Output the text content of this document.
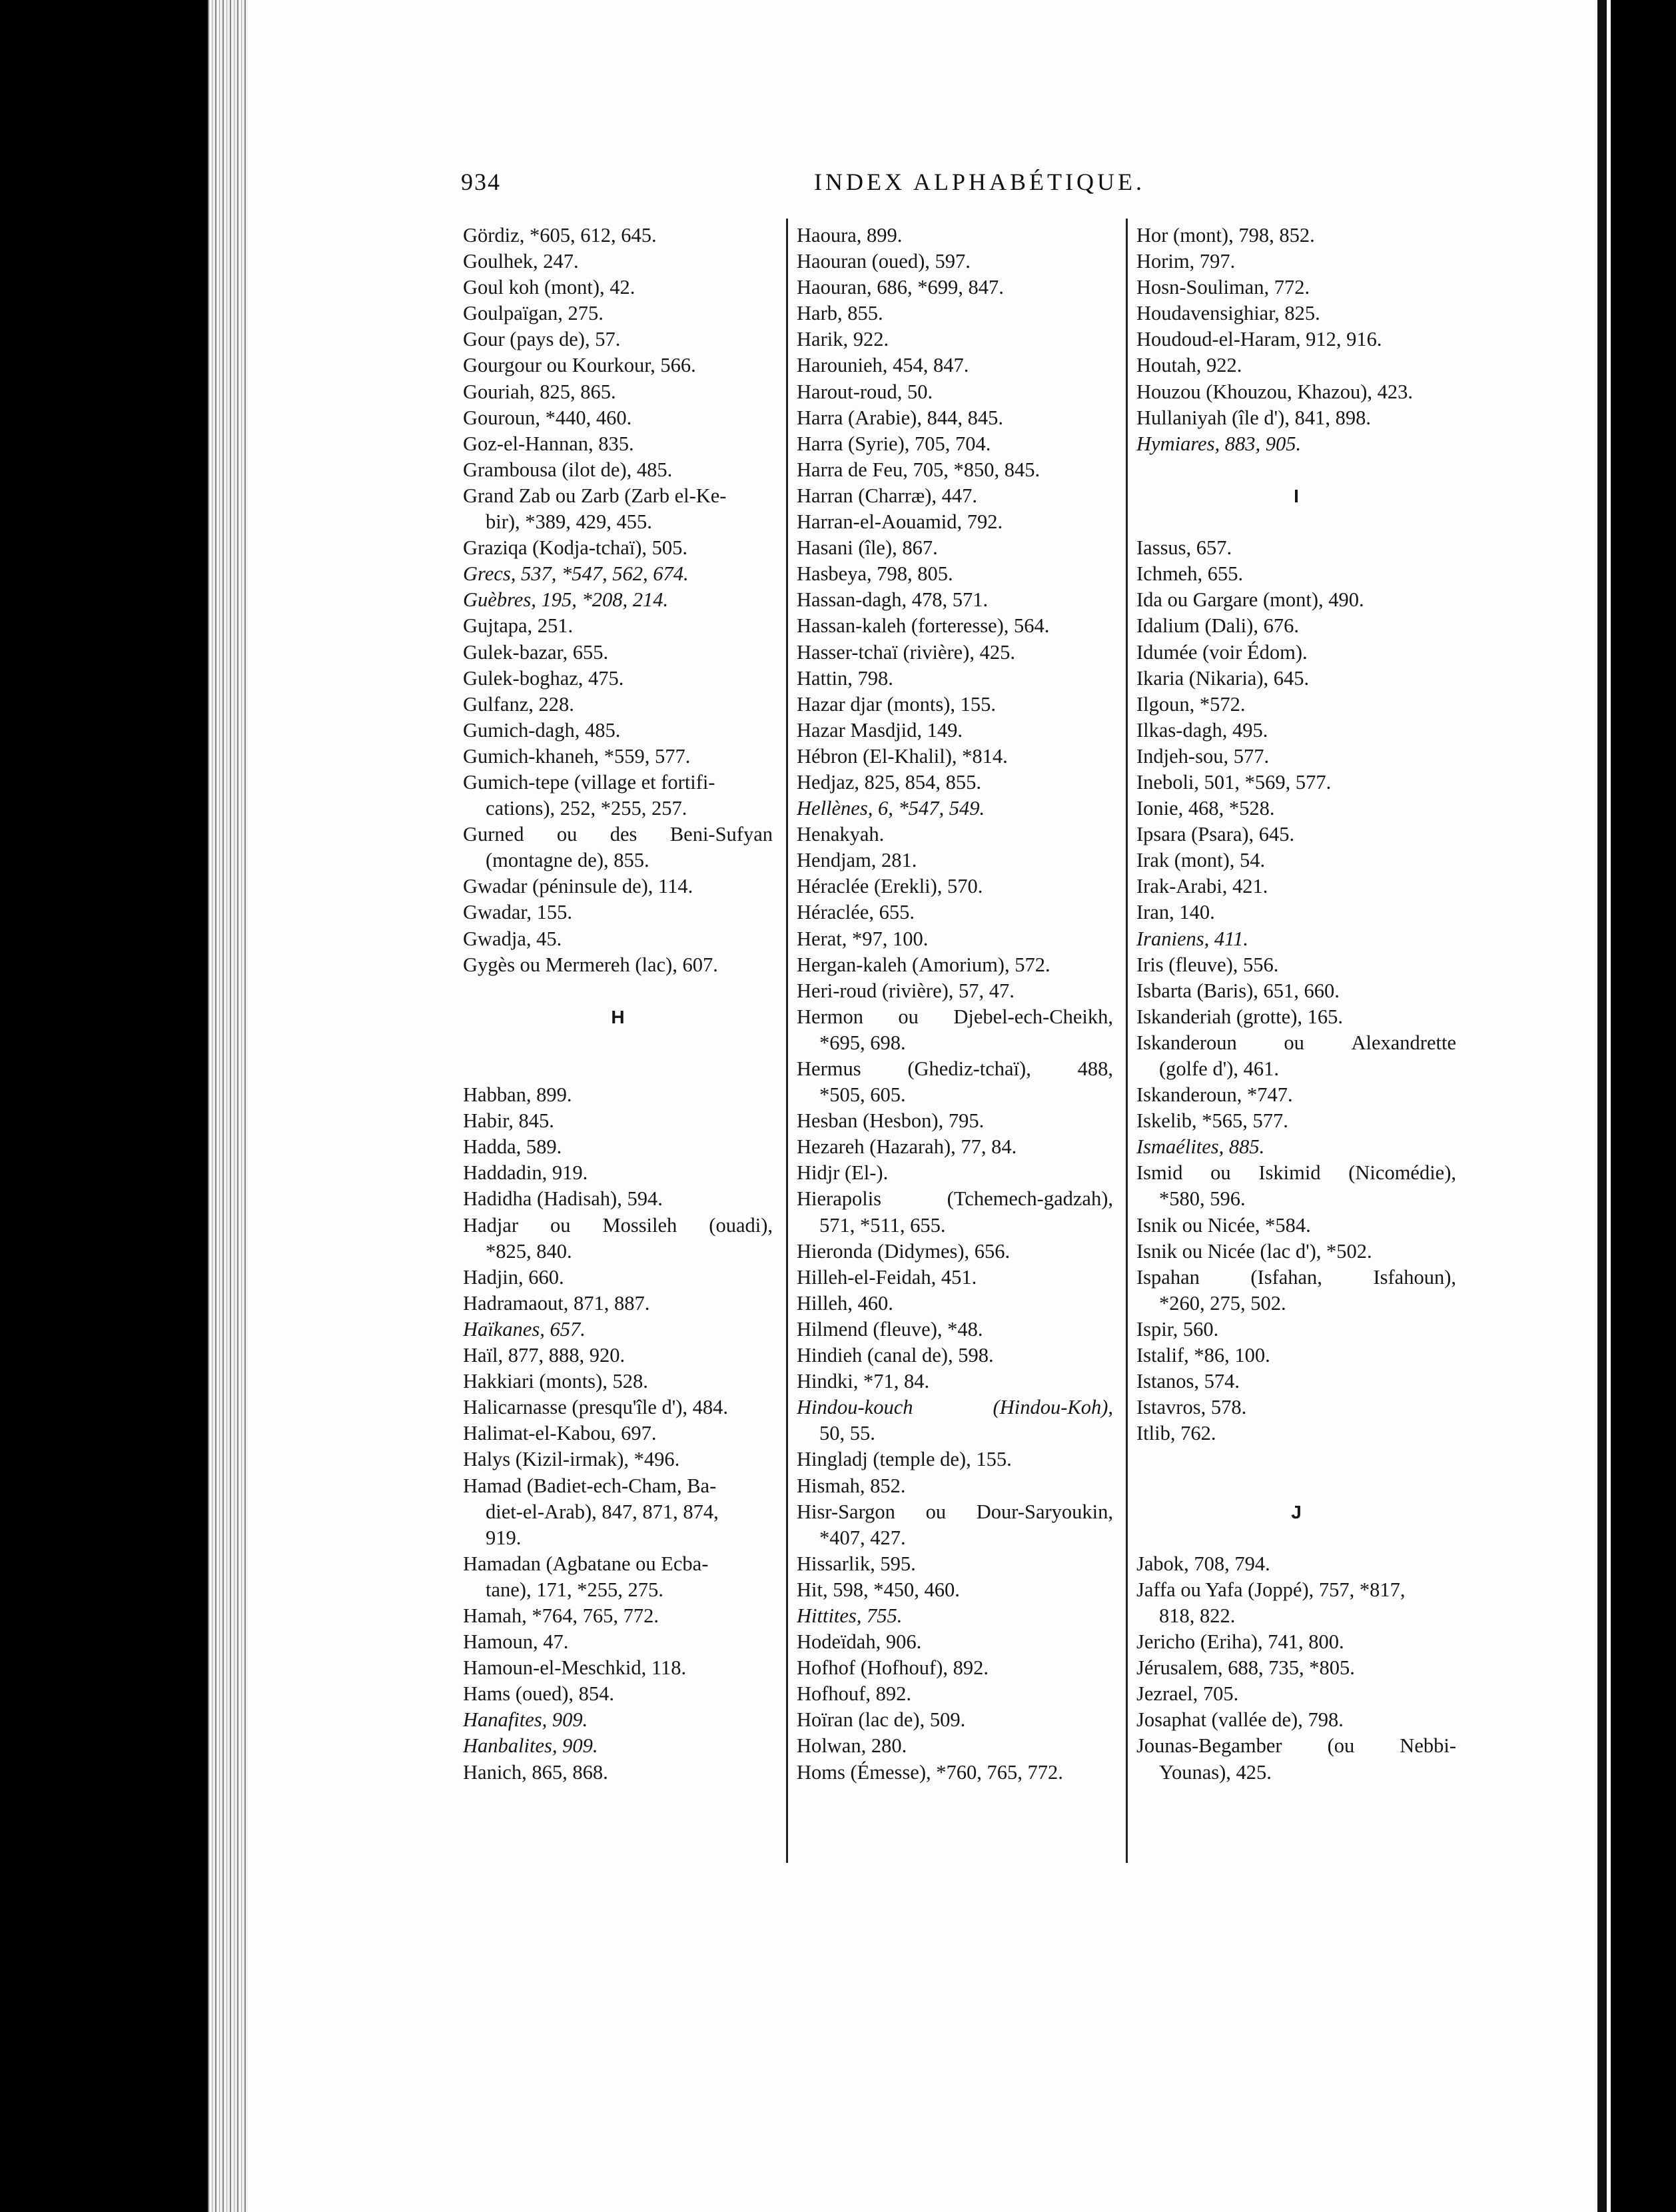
934	INDEX ALPHABÉTIQUE.
Gördiz, *605, 612, 645.
Goulhek, 247.
Goul koh (mont), 42.
Goulpaïgan, 275.
Gour (pays de), 57.
Gourgour ou Kourkour, 566.
Gouriah, 825, 865.
Gouroun, *440, 460.
Goz-el-Hannan, 835.
Grambousa (ilot de), 485.
Grand Zab ou Zarb (Zarb el-Ke-
bir), *389, 429, 455.
Graziqa (Kodja-tchaï), 505.
Grecs, 537, *547, 562, 674.
Guèbres, 195, *208, 214.
Gujtapa, 251.
Gulek-bazar, 655.
Gulek-boghaz, 475.
Gulfanz, 228.
Gumich-dagh, 485.
Gumich-khaneh, *559, 577.
Gumich-tepe (village et fortifi-
cations), 252, *255, 257.
Gurned ou des Beni-Sufyan
(montagne de), 855.
Gwadar (péninsule de), 114.
Gwadar, 155.
Gwadja, 45.
Gygès ou Mermereh (lac), 607.
H
Habban, 899.
Habir, 845.
Hadda, 589.
Haddadin, 919.
Hadidha (Hadisah), 594.
Hadjar ou Mossileh (ouadi),
*825, 840.
Hadjin, 660.
Hadramaout, 871, 887.
Haïkanes, 657.
Haïl, 877, 888, 920.
Hakkiari (monts), 528.
Halicarnasse (presqu'île d'), 484.
Halimat-el-Kabou, 697.
Halys (Kizil-irmak), *496.
Hamad (Badiet-ech-Cham, Ba-
diet-el-Arab), 847, 871, 874,
919.
Hamadan (Agbatane ou Ecba-
tane), 171, *255, 275.
Hamah, *764, 765, 772.
Hamoun, 47.
Hamoun-el-Meschkid, 118.
Hams (oued), 854.
Hanafites, 909.
Hanbalites, 909.
Hanich, 865, 868.
Haoura, 899.
Haouran (oued), 597.
Haouran, 686, *699, 847.
Harb, 855.
Harik, 922.
Harounieh, 454, 847.
Harout-roud, 50.
Harra (Arabie), 844, 845.
Harra (Syrie), 705, 704.
Harra de Feu, 705, *850, 845.
Harran (Charræ), 447.
Harran-el-Aouamid, 792.
Hasani (île), 867.
Hasbeya, 798, 805.
Hassan-dagh, 478, 571.
Hassan-kaleh (forteresse), 564.
Hasser-tchaï (rivière), 425.
Hattin, 798.
Hazar djar (monts), 155.
Hazar Masdjid, 149.
Hébron (El-Khalil), *814.
Hedjaz, 825, 854, 855.
Hellènes, 6, *547, 549.
Henakyah.
Hendjam, 281.
Héraclée (Erekli), 570.
Héraclée, 655.
Herat, *97, 100.
Hergan-kaleh (Amorium), 572.
Heri-roud (rivière), 57, 47.
Hermon ou Djebel-ech-Cheikh,
*695, 698.
Hermus (Ghediz-tchaï), 488,
*505, 605.
Hesban (Hesbon), 795.
Hezareh (Hazarah), 77, 84.
Hidjr (El-).
Hierapolis	(Tchemech-gadzah),
571, *511, 655.
Hieronda (Didymes), 656.
Hilleh-el-Feidah, 451.
Hilleh, 460.
Hilmend (fleuve), *48.
Hindieh (canal de), 598.
Hindki, *71, 84.
Hindou-kouch	(Hindou-Koh),
50, 55.
Hingladj (temple de), 155.
Hismah, 852.
Hisr-Sargon ou Dour-Saryoukin,
*407, 427.
Hissarlik, 595.
Hit, 598, *450, 460.
Hittites, 755.
Hodeïdah, 906.
Hofhof (Hofhouf), 892.
Hofhouf, 892.
Hoïran (lac de), 509.
Holwan, 280.
Homs (Émesse), *760, 765, 772.
Hor (mont), 798, 852.
Horim, 797.
Hosn-Souliman, 772.
Houdavensighiar, 825.
Houdoud-el-Haram, 912, 916.
Houtah, 922.
Houzou (Khouzou, Khazou), 423.
Hullaniyah (île d'), 841, 898.
Hymiares, 883, 905.
I
Iassus, 657.
Ichmeh, 655.
Ida ou Gargare (mont), 490.
Idalium (Dali), 676.
Idumée (voir Édom).
Ikaria (Nikaria), 645.
Ilgoun, *572.
Ilkas-dagh, 495.
Indjeh-sou, 577.
Ineboli, 501, *569, 577.
Ionie, 468, *528.
Ipsara (Psara), 645.
Irak (mont), 54.
Irak-Arabi, 421.
Iran, 140.
Iraniens, 411.
Iris (fleuve), 556.
Isbarta (Baris), 651, 660.
Iskanderiah (grotte), 165.
Iskanderoun ou Alexandrette
(golfe d'), 461.
Iskanderoun, *747.
Iskelib, *565, 577.
Ismaélites, 885.
Ismid ou Iskimid (Nicomédie),
*580, 596.
Isnik ou Nicée, *584.
Isnik ou Nicée (lac d'), *502.
Ispahan	(Isfahan,	Isfahoun),
*260, 275, 502.
Ispir, 560.
Istalif, *86, 100.
Istanos, 574.
Istavros, 578.
Itlib, 762.
J
Jabok, 708, 794.
Jaffa ou Yafa (Joppé), 757, *817,
818, 822.
Jericho (Eriha), 741, 800.
Jérusalem, 688, 735, *805.
Jezrael, 705.
Josaphat (vallée de), 798.
Jounas-Begamber (ou Nebbi-
Younas), 425.
